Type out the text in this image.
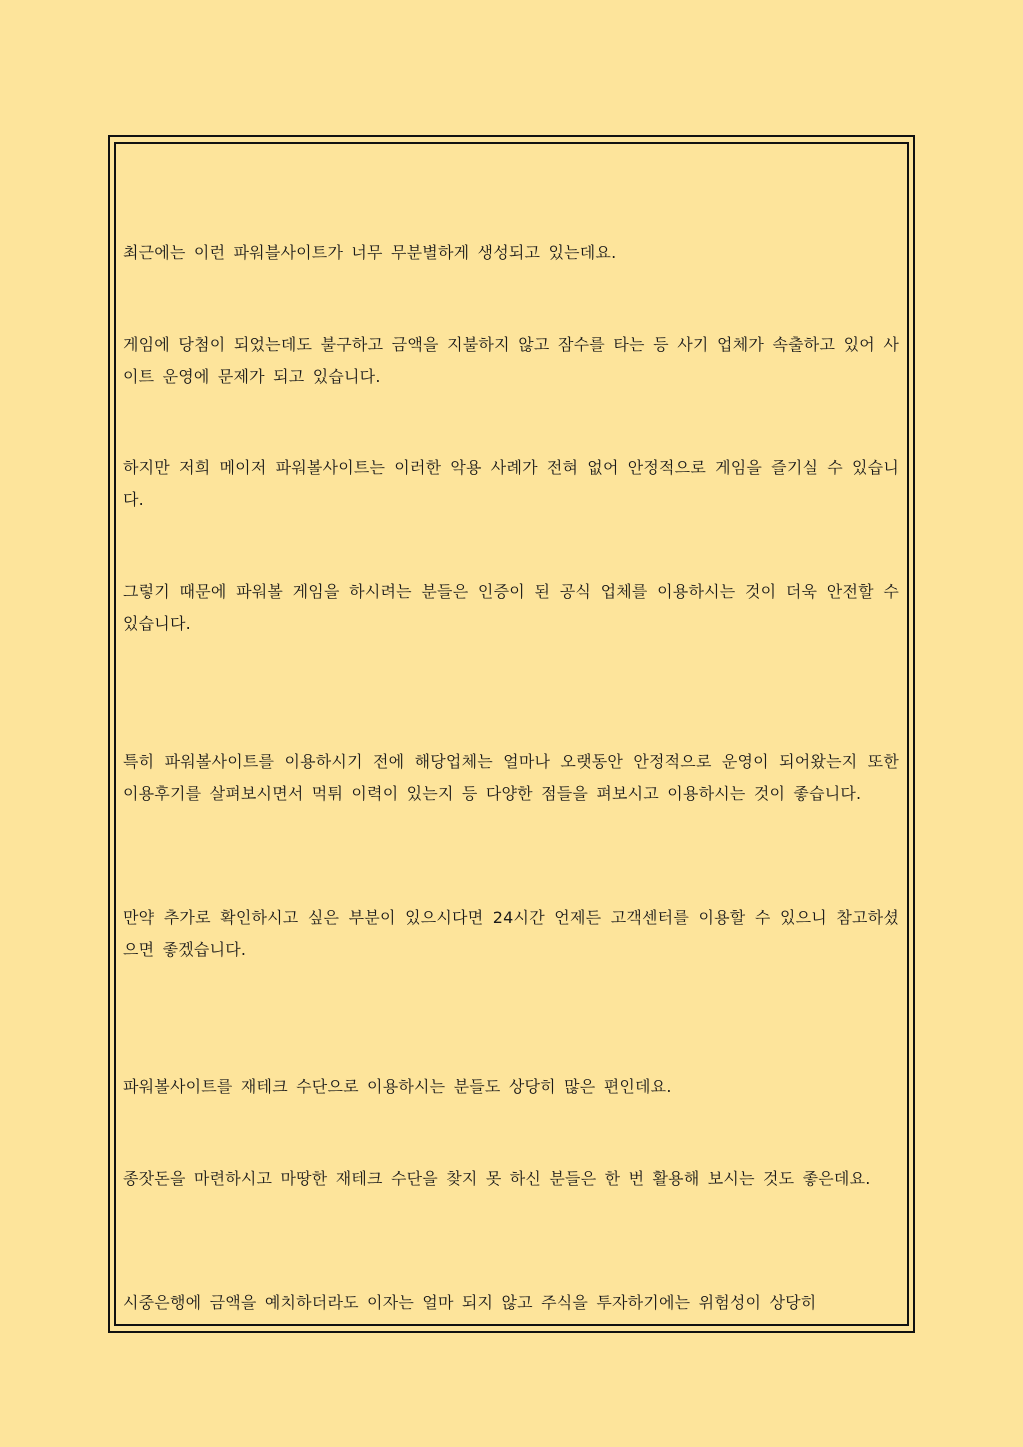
최근에는 이런 파워블사이트가 너무 무분별하게 생성되고 있는데요.

게임에 당첨이 되었는데도 불구하고 금액을 지불하지 않고 잠수를 타는 등 사기 업체가 속출하고 있어 사이트 운영에 문제가 되고 있습니다.

하지만 저희 메이저 파워볼사이트는 이러한 악용 사례가 전혀 없어 안정적으로 게임을 즐기실 수 있습니다.

그렇기 때문에 파워볼 게임을 하시려는 분들은 인증이 된 공식 업체를 이용하시는 것이 더욱 안전할 수 있습니다.

특히 파워볼사이트를 이용하시기 전에 해당업체는 얼마나 오랫동안 안정적으로 운영이 되어왔는지 또한 이용후기를 살펴보시면서 먹튀 이력이 있는지 등 다양한 점들을 펴보시고 이용하시는 것이 좋습니다.

만약 추가로 확인하시고 싶은 부분이 있으시다면 24시간 언제든 고객센터를 이용할 수 있으니 참고하셨으면 좋겠습니다.

파워볼사이트를 재테크 수단으로 이용하시는 분들도 상당히 많은 편인데요.

종잣돈을 마련하시고 마땅한 재테크 수단을 찾지 못 하신 분들은 한 번 활용해 보시는 것도 좋은데요.

시중은행에 금액을 예치하더라도 이자는 얼마 되지 않고 주식을 투자하기에는 위험성이 상당히
